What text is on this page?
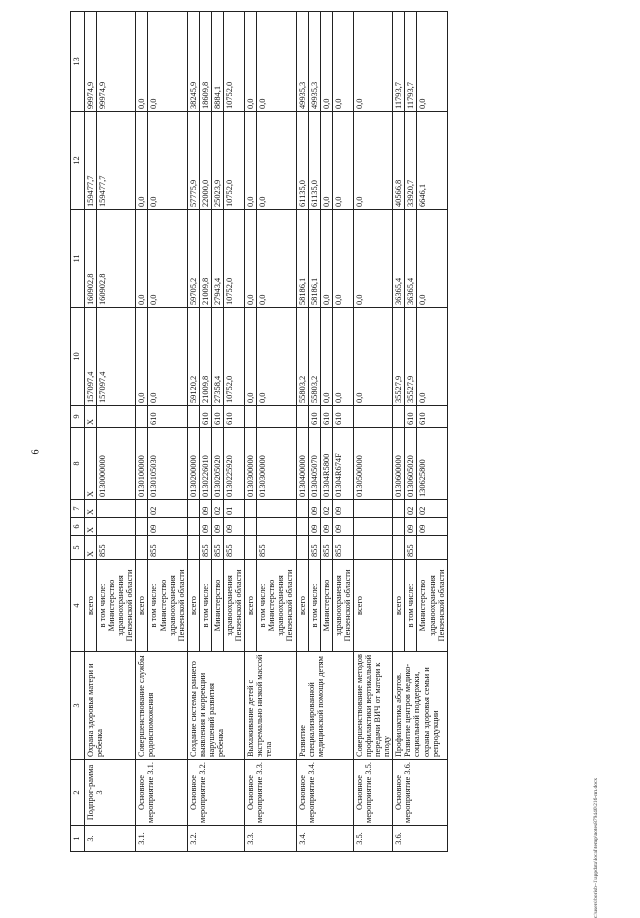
6
1	2	3	4	5	6	7	8	9	10	11	12	13
3.	Подпрог-рамма 3	Охрана здоровья матери и ребенка	всего	X	X	X	X	X	157097,4	160902,8	159477,7	99974,9
			в том числе: Министерство здравоохранения Пензенской области	855			0130000000		157097,4	160902,8	159477,7	99974,9
3.1.	Основное мероприятие 3.1.	Совершенствование службы родовспоможения	всего				0130100000		0,0	0,0	0,0	0,0
			в том числе: Министерство здравоохранения Пензенской области	855	09	02	0130105030	610	0,0	0,0	0,0	0,0
3.2.	Основное мероприятие 3.2.	Создание системы раннего выявления и коррекции нарушений развития ребенка	всего				0130200000		59120,2	59705,2	57775,9	38245,9
			в том числе:	855	09	09	0130226010	610	21009,8	21009,8	22000,0	18609,8
			Министерство	855	09	02	0130205020	610	27358,4	27943,4	25023,9	8884,1
			здравоохранения Пензенской области	855	09	01	0130225920	610	10752,0	10752,0	10752,0	10752,0
3.3.	Основное мероприятие 3.3.	Выхаживание детей с экстремально низкой массой тела	всего				0130300000		0,0	0,0	0,0	0,0
			в том числе: Министерство здравоохранения Пензенской области	855			0130300000		0,0	0,0	0,0	0,0
3.4.	Основное мероприятие 3.4.	Развитие специализированной медицинской помощи детям	всего				0130400000		55803,2	58186,1	61135,0	49935,3
			в том числе:	855	09	09	0130405070	610	55803,2	58186,1	61135,0	49935,3
			Министерство	855	09	02	01304R5800	610	0,0	0,0	0,0	0,0
			здравоохранения Пензенской области	855	09	09	01304R674F	610	0,0	0,0	0,0	0,0
3.5.	Основное мероприятие 3.5.	Совершенствование методов профилактики вертикальной передачи ВИЧ от матери к плоду	всего				0130500000		0,0	0,0	0,0	0,0
3.6.	Основное мероприятие 3.6.	Профилактика абортов. Развитие центров медико-социальной поддержки, охраны здоровья семьи и репродукции	всего				0130600000		35527,9	36365,4	40566,8	11793,7
			в том числе:	855	09	02	0130605020	610	35527,9	36365,4	33920,7	11793,7
			Министерство здравоохранения Пензенской области		09	02	130625800	610	0,0	0,0	6646,1	0,0
c:\users\borisb~1\appdata\local\temp\notes879440\216-пп.docx
